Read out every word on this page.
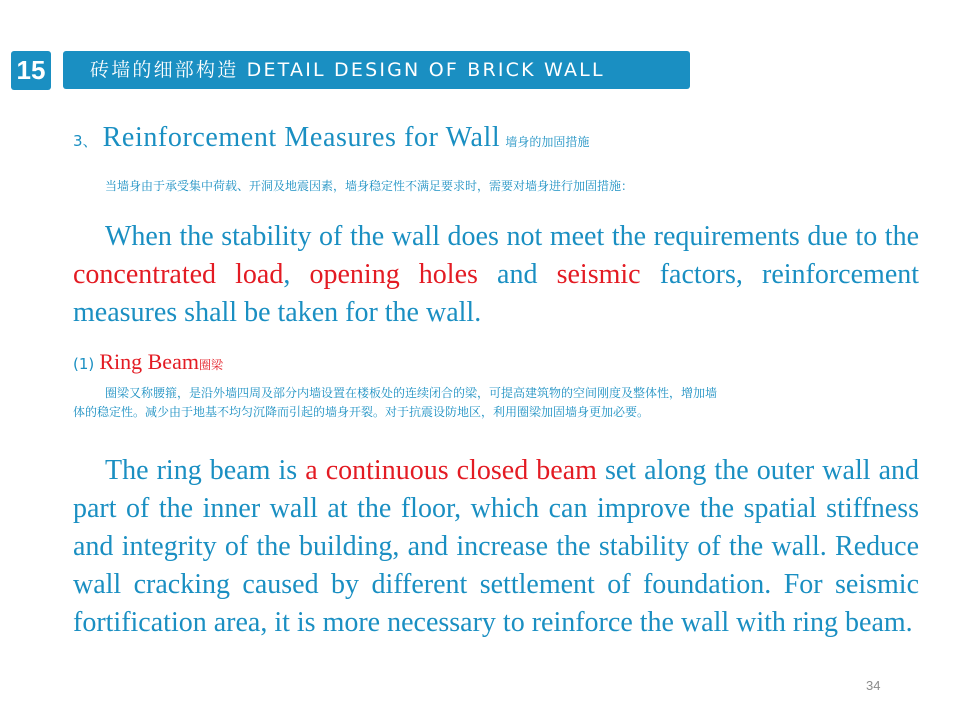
15	砖墙的细部构造 DETAIL DESIGN OF BRICK WALL
3、 Reinforcement Measures for Wall 墙身的加固措施
当墙身由于承受集中荷载、开洞及地震因素，墙身稳定性不满足要求时，需要对墙身进行加固措施：

When the stability of the wall does not meet the requirements due to the concentrated load, opening holes and seismic factors, reinforcement measures shall be taken for the wall.

(1) Ring Beam圈梁
圈梁又称腰箍，是沿外墙四周及部分内墙设置在楼板处的连续闭合的梁，可提高建筑物的空间刚度及整体性，增加墙
体的稳定性。减少由于地基不均匀沉降而引起的墙身开裂。对于抗震设防地区，利用圈梁加固墙身更加必要。

The ring beam is a continuous closed beam set along the outer wall and part of the inner wall at the floor, which can improve the spatial stiffness and integrity of the building, and increase the stability of the wall. Reduce wall cracking caused by different settlement of foundation. For seismic fortification area, it is more necessary to reinforce the wall with ring beam.

34
